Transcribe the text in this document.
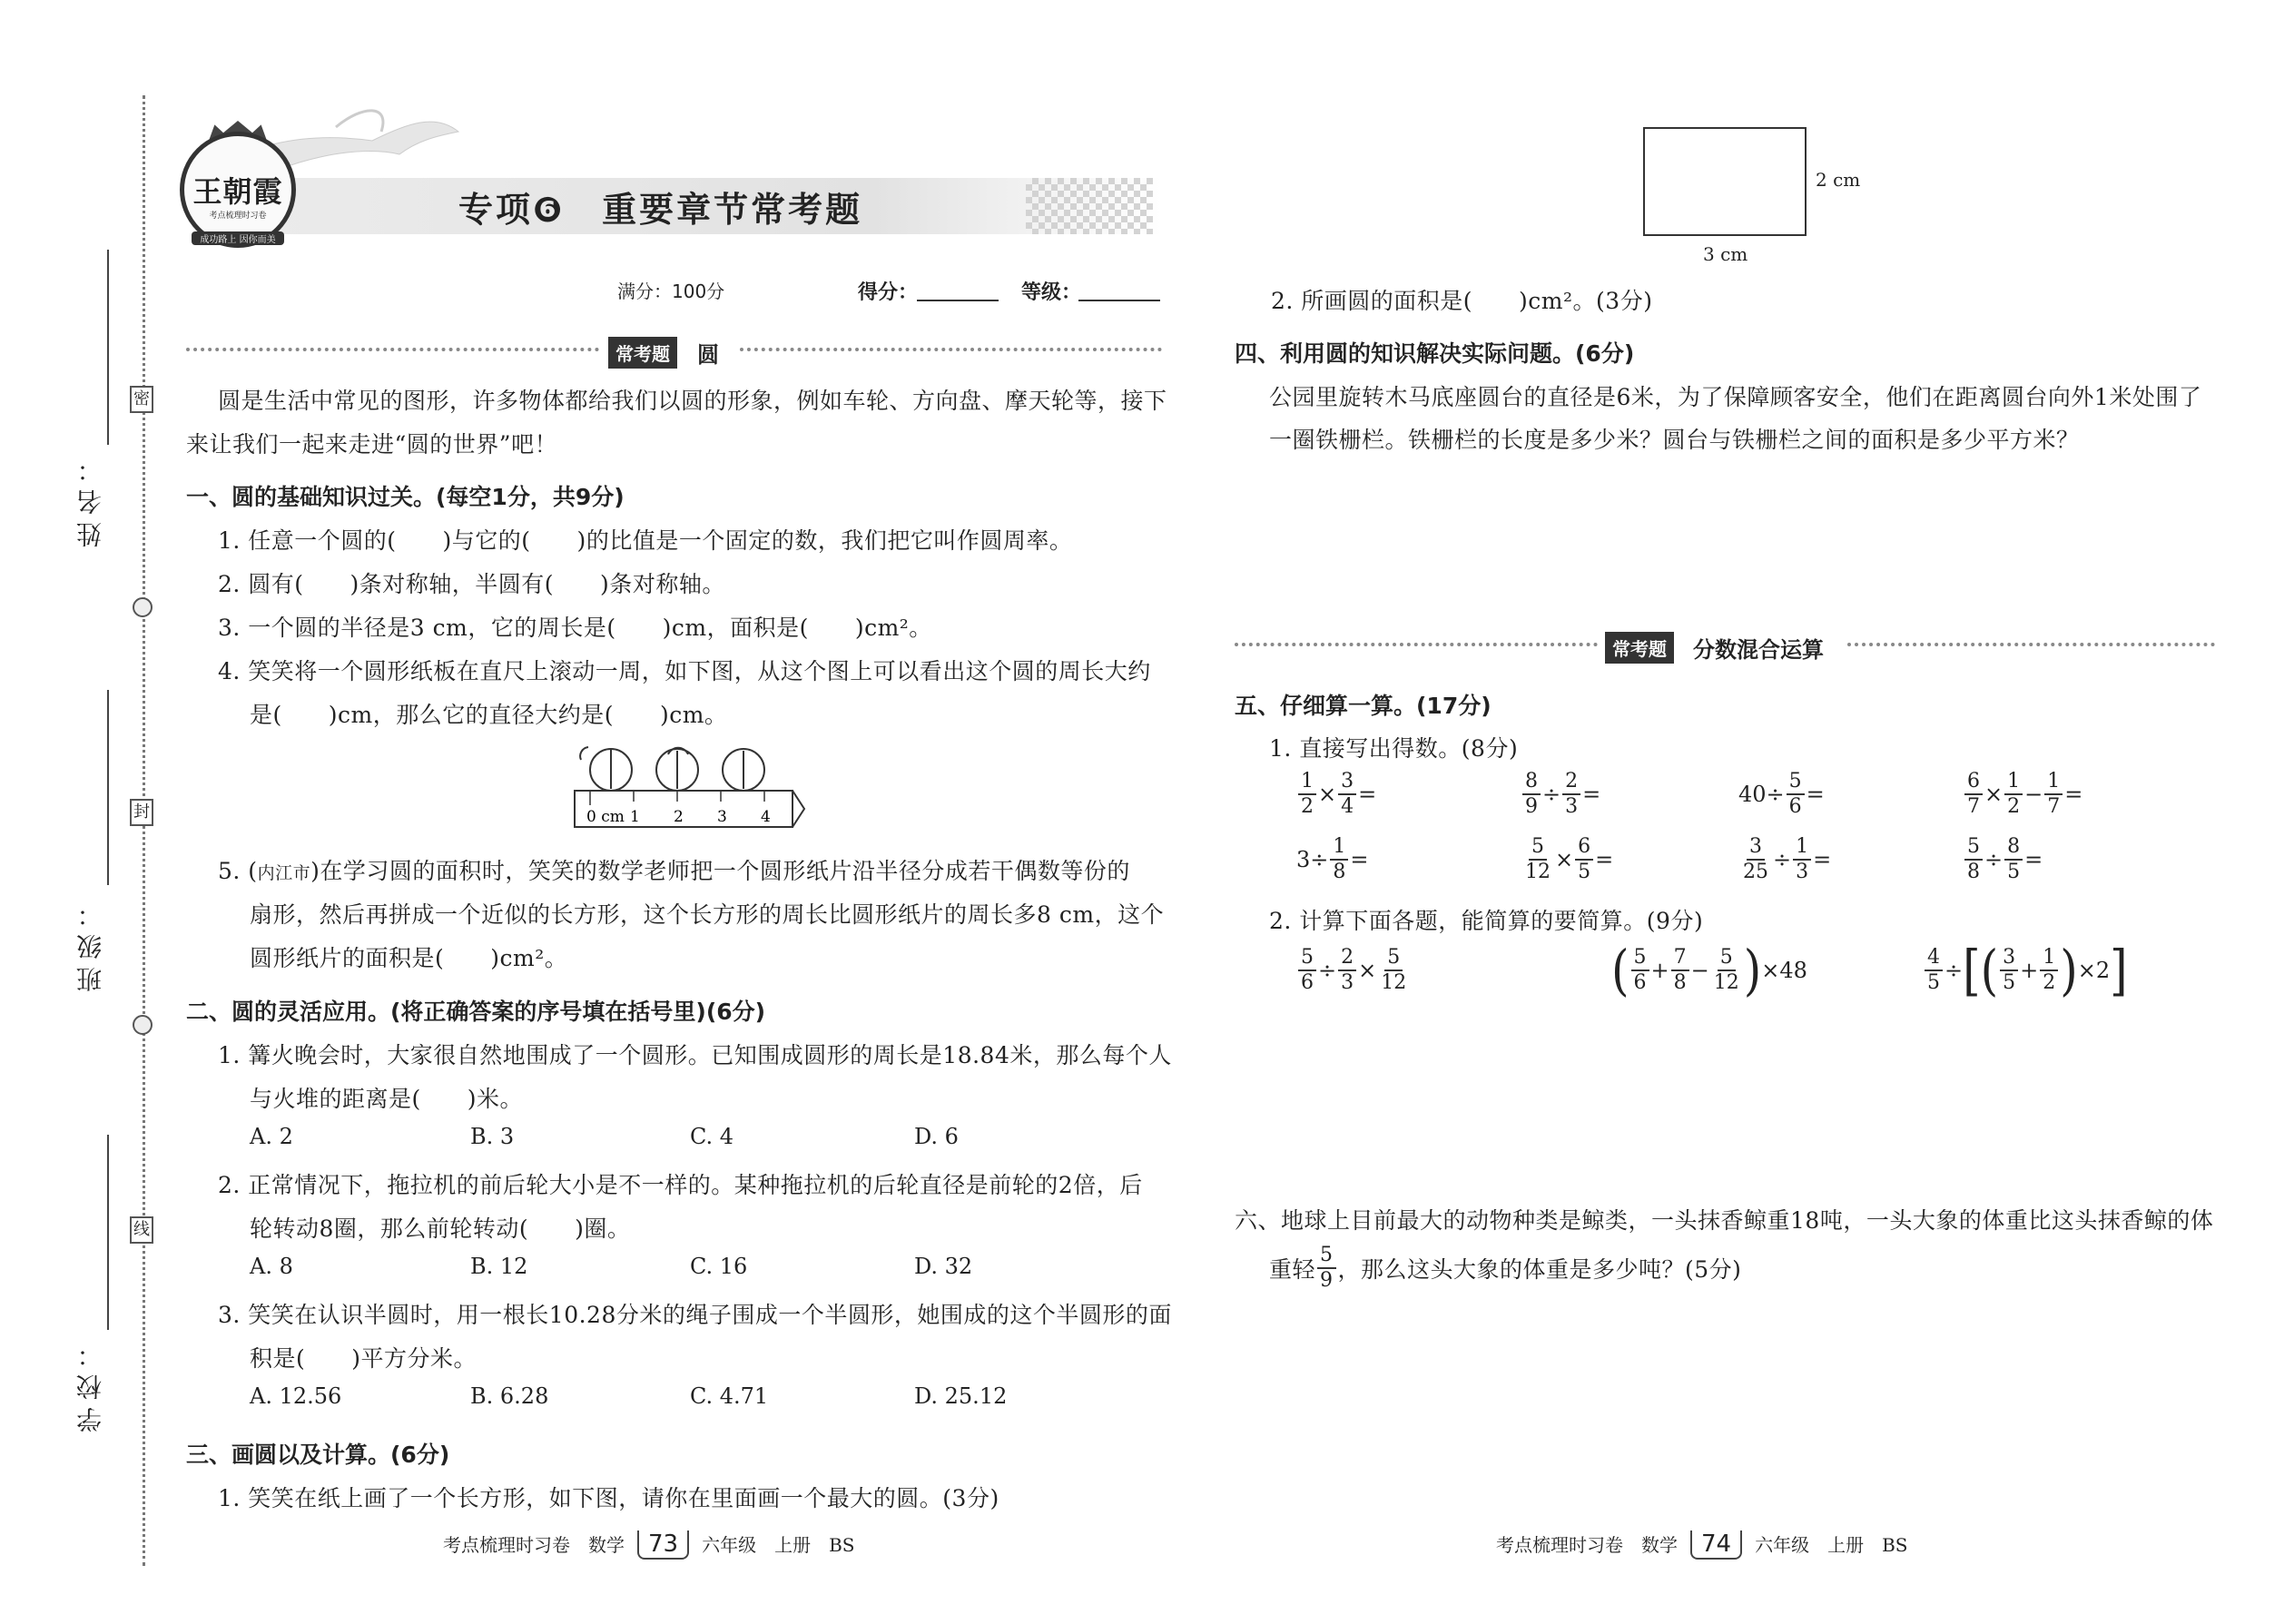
姓名：
班级：
学校：
密
封
线
王朝霞
考点梳理时习卷
成功路上 因你而美
专项❻　重要章节常考题
满分：100分	得分：	等级：
常考题	圆
圆是生活中常见的图形，许多物体都给我们以圆的形象，例如车轮、方向盘、摩天轮等，接下
来让我们一起来走进“圆的世界”吧！
一、圆的基础知识过关。(每空1分，共9分)
1. 任意一个圆的(　　)与它的(　　)的比值是一个固定的数，我们把它叫作圆周率。
2. 圆有(　　)条对称轴，半圆有(　　)条对称轴。
3. 一个圆的半径是3 cm，它的周长是(　　)cm，面积是(　　)cm²。
4. 笑笑将一个圆形纸板在直尺上滚动一周，如下图，从这个图上可以看出这个圆的周长大约
是(　　)cm，那么它的直径大约是(　　)cm。
0 cm 1 2 3 4
5. (内江市)在学习圆的面积时，笑笑的数学老师把一个圆形纸片沿半径分成若干偶数等份的
扇形，然后再拼成一个近似的长方形，这个长方形的周长比圆形纸片的周长多8 cm，这个
圆形纸片的面积是(　　)cm²。
二、圆的灵活应用。(将正确答案的序号填在括号里)(6分)
1. 篝火晚会时，大家很自然地围成了一个圆形。已知围成圆形的周长是18.84米，那么每个人
与火堆的距离是(　　)米。
A. 2	B. 3	C. 4	D. 6
2. 正常情况下，拖拉机的前后轮大小是不一样的。某种拖拉机的后轮直径是前轮的2倍，后
轮转动8圈，那么前轮转动(　　)圈。
A. 8	B. 12	C. 16	D. 32
3. 笑笑在认识半圆时，用一根长10.28分米的绳子围成一个半圆形，她围成的这个半圆形的面
积是(　　)平方分米。
A. 12.56	B. 6.28	C. 4.71	D. 25.12
三、画圆以及计算。(6分)
1. 笑笑在纸上画了一个长方形，如下图，请你在里面画一个最大的圆。(3分)
考点梳理时习卷　数学 73 六年级　上册　BS
2 cm
3 cm
2. 所画圆的面积是(　　)cm²。(3分)
四、利用圆的知识解决实际问题。(6分)
公园里旋转木马底座圆台的直径是6米，为了保障顾客安全，他们在距离圆台向外1米处围了
一圈铁栅栏。铁栅栏的长度是多少米？圆台与铁栅栏之间的面积是多少平方米？
常考题	分数混合运算
五、仔细算一算。(17分)
1. 直接写出得数。(8分)
$\frac{1}{2} \times \frac{3}{4}$ =	$\frac{8}{9} \div \frac{2}{3}$ =	$40 \div \frac{5}{6}$ =	$\frac{6}{7} \times \frac{1}{2} - \frac{1}{7}$ =
$3 \div \frac{1}{8}$ =	$\frac{5}{12} \times \frac{6}{5}$ =	$\frac{3}{25} \div \frac{1}{3}$ =	$\frac{5}{8} \div \frac{8}{5}$ =
2. 计算下面各题，能简算的要简算。(9分)
$\frac{5}{6} \div \frac{2}{3} \times \frac{5}{12}$	( $\frac{5}{6} + \frac{7}{8} - \frac{5}{12}$ ) × 48	$\frac{4}{5}$ ÷ [ ( $\frac{3}{5} + \frac{1}{2}$ ) × 2 ]
六、地球上目前最大的动物种类是鲸类，一头抹香鲸重18吨，一头大象的体重比这头抹香鲸的体
重轻 $\frac{5}{9}$ ，那么这头大象的体重是多少吨？(5分)
考点梳理时习卷　数学 74 六年级　上册　BS
